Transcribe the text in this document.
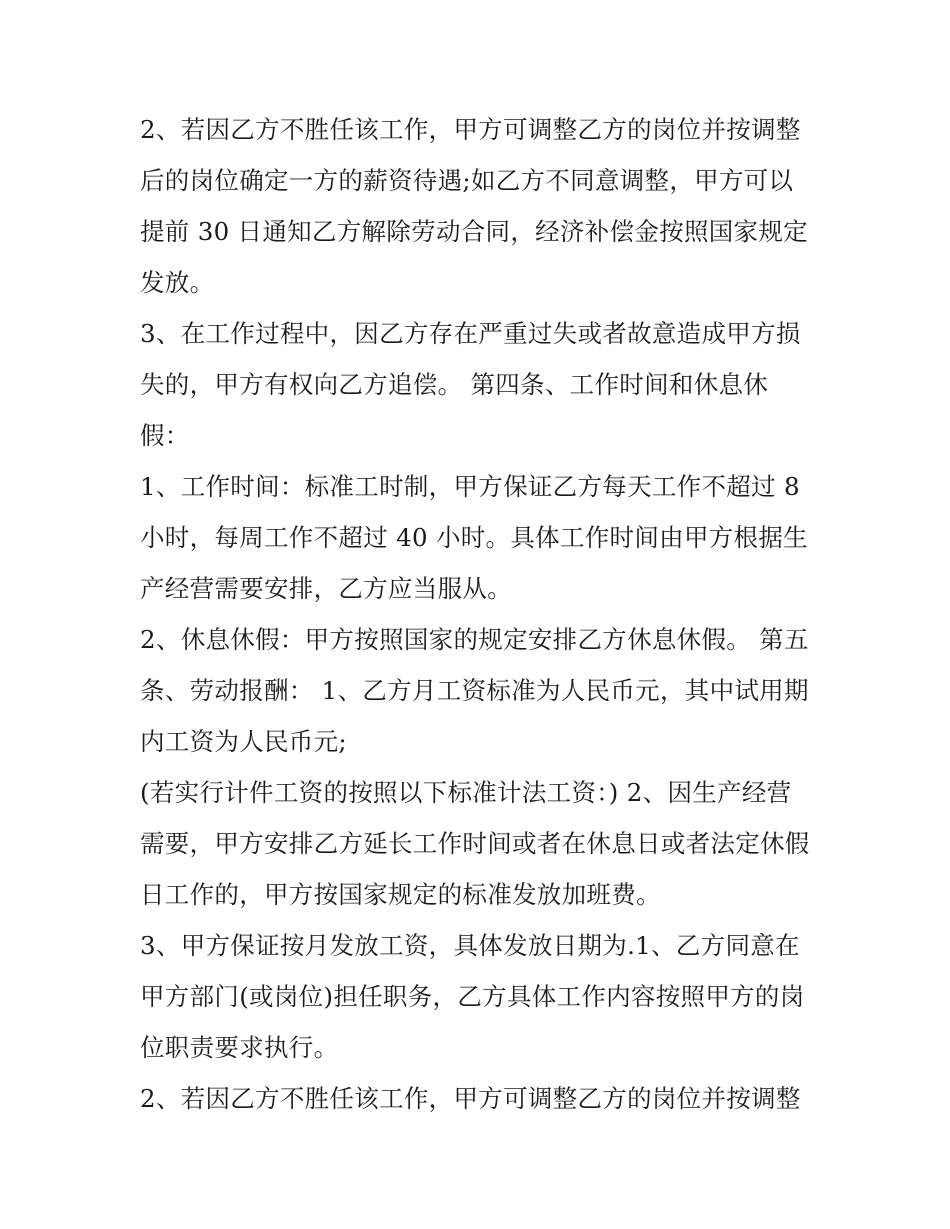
2、若因乙方不胜任该工作，甲方可调整乙方的岗位并按调整
后的岗位确定一方的薪资待遇;如乙方不同意调整，甲方可以
提前 30 日通知乙方解除劳动合同，经济补偿金按照国家规定
发放。
3、在工作过程中，因乙方存在严重过失或者故意造成甲方损
失的，甲方有权向乙方追偿。 第四条、工作时间和休息休
假：
1、工作时间：标准工时制，甲方保证乙方每天工作不超过 8
小时，每周工作不超过 40 小时。具体工作时间由甲方根据生
产经营需要安排，乙方应当服从。
2、休息休假：甲方按照国家的规定安排乙方休息休假。 第五
条、劳动报酬： 1、乙方月工资标准为人民币元，其中试用期
内工资为人民币元;
(若实行计件工资的按照以下标准计法工资：) 2、因生产经营
需要，甲方安排乙方延长工作时间或者在休息日或者法定休假
日工作的，甲方按国家规定的标准发放加班费。
3、甲方保证按月发放工资，具体发放日期为.1、乙方同意在
甲方部门(或岗位)担任职务，乙方具体工作内容按照甲方的岗
位职责要求执行。
2、若因乙方不胜任该工作，甲方可调整乙方的岗位并按调整
